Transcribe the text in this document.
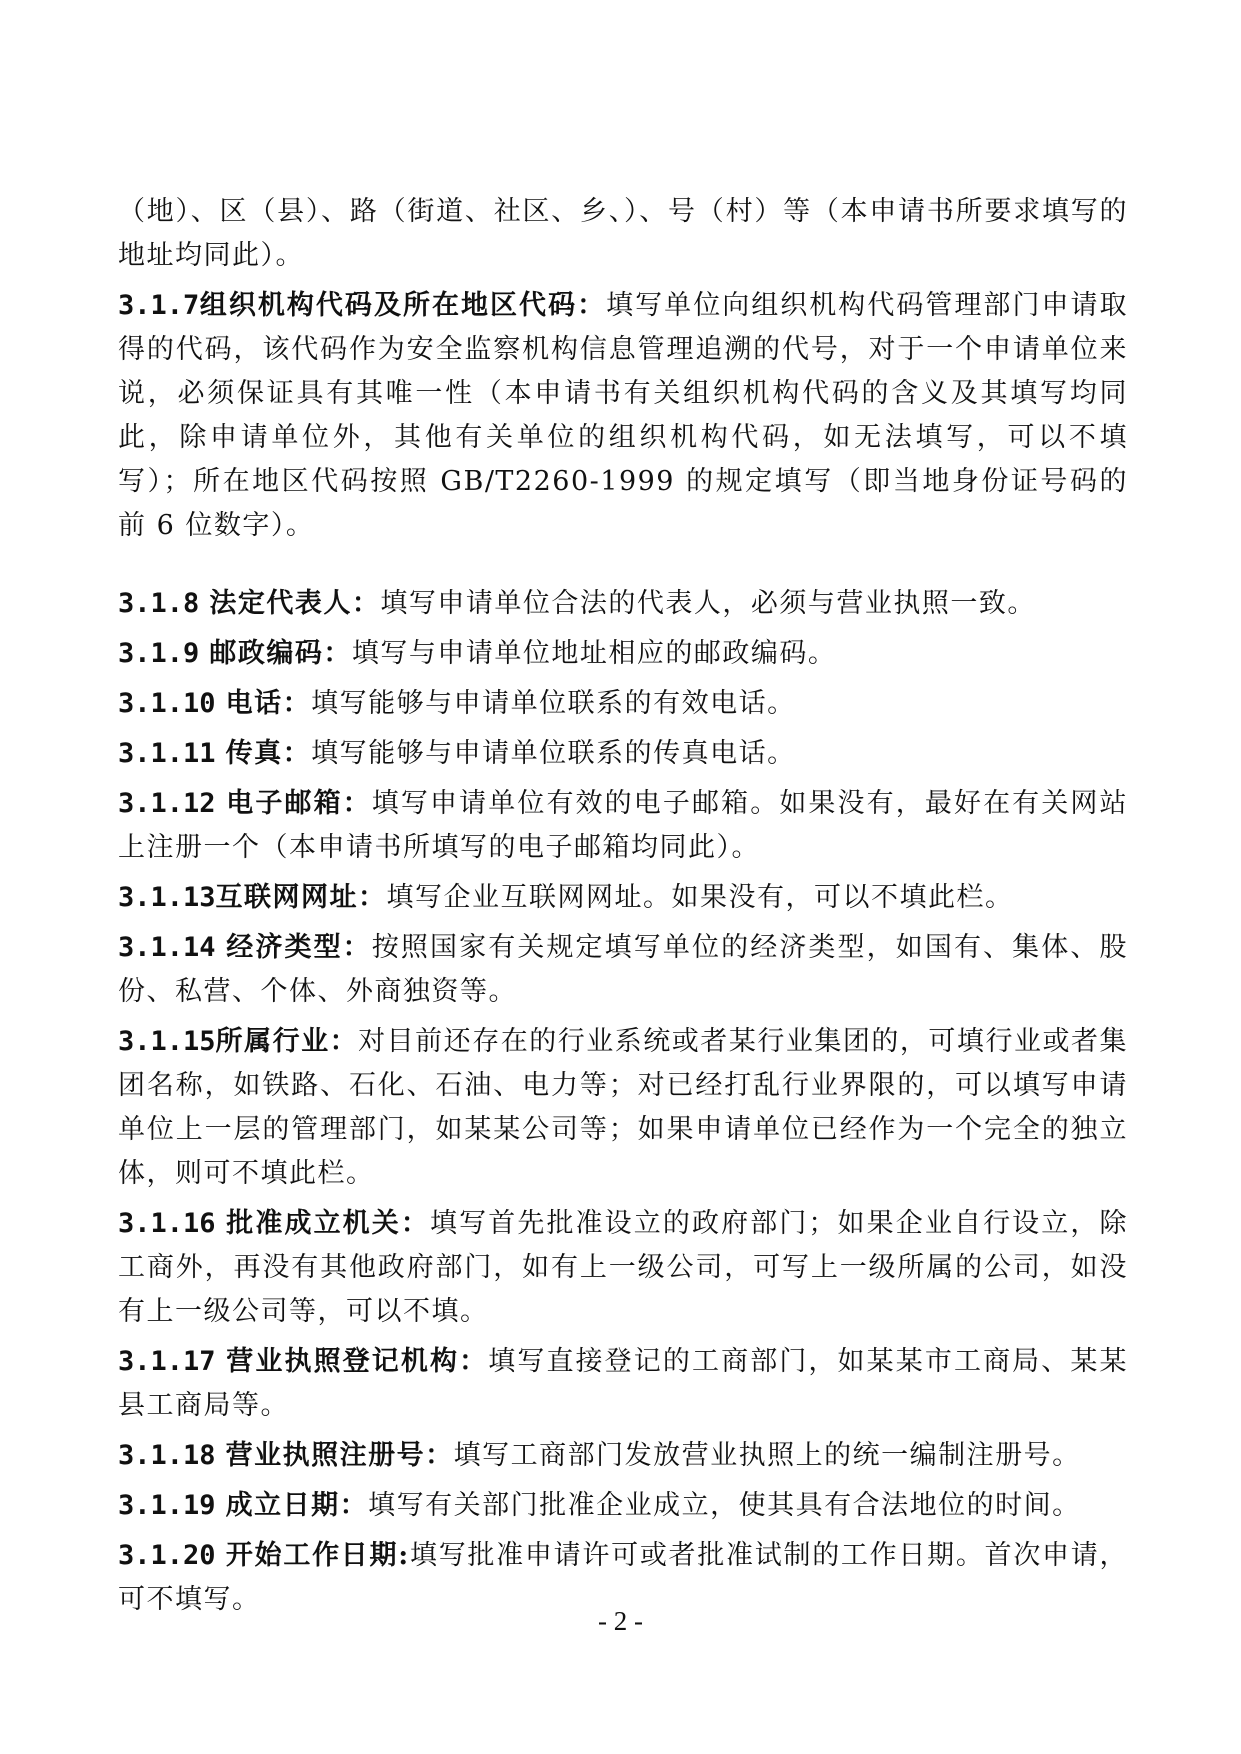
（地）、区（县）、路（街道、社区、乡、）、号（村）等（本申请书所要求填写的地址均同此）。

3.1.7组织机构代码及所在地区代码：填写单位向组织机构代码管理部门申请取得的代码，该代码作为安全监察机构信息管理追溯的代号，对于一个申请单位来说，必须保证具有其唯一性（本申请书有关组织机构代码的含义及其填写均同此，除申请单位外，其他有关单位的组织机构代码，如无法填写，可以不填写）；所在地区代码按照 GB/T2260-1999 的规定填写（即当地身份证号码的前 6 位数字）。

3.1.8 法定代表人：填写申请单位合法的代表人，必须与营业执照一致。

3.1.9 邮政编码：填写与申请单位地址相应的邮政编码。

3.1.10 电话：填写能够与申请单位联系的有效电话。

3.1.11 传真：填写能够与申请单位联系的传真电话。

3.1.12 电子邮箱：填写申请单位有效的电子邮箱。如果没有，最好在有关网站上注册一个（本申请书所填写的电子邮箱均同此）。

3.1.13互联网网址：填写企业互联网网址。如果没有，可以不填此栏。

3.1.14 经济类型：按照国家有关规定填写单位的经济类型，如国有、集体、股份、私营、个体、外商独资等。

3.1.15所属行业：对目前还存在的行业系统或者某行业集团的，可填行业或者集团名称，如铁路、石化、石油、电力等；对已经打乱行业界限的，可以填写申请单位上一层的管理部门，如某某公司等；如果申请单位已经作为一个完全的独立体，则可不填此栏。

3.1.16 批准成立机关：填写首先批准设立的政府部门；如果企业自行设立，除工商外，再没有其他政府部门，如有上一级公司，可写上一级所属的公司，如没有上一级公司等，可以不填。

3.1.17 营业执照登记机构：填写直接登记的工商部门，如某某市工商局、某某县工商局等。

3.1.18 营业执照注册号：填写工商部门发放营业执照上的统一编制注册号。

3.1.19 成立日期：填写有关部门批准企业成立，使其具有合法地位的时间。

3.1.20 开始工作日期:填写批准申请许可或者批准试制的工作日期。首次申请，可不填写。

- 2 -
